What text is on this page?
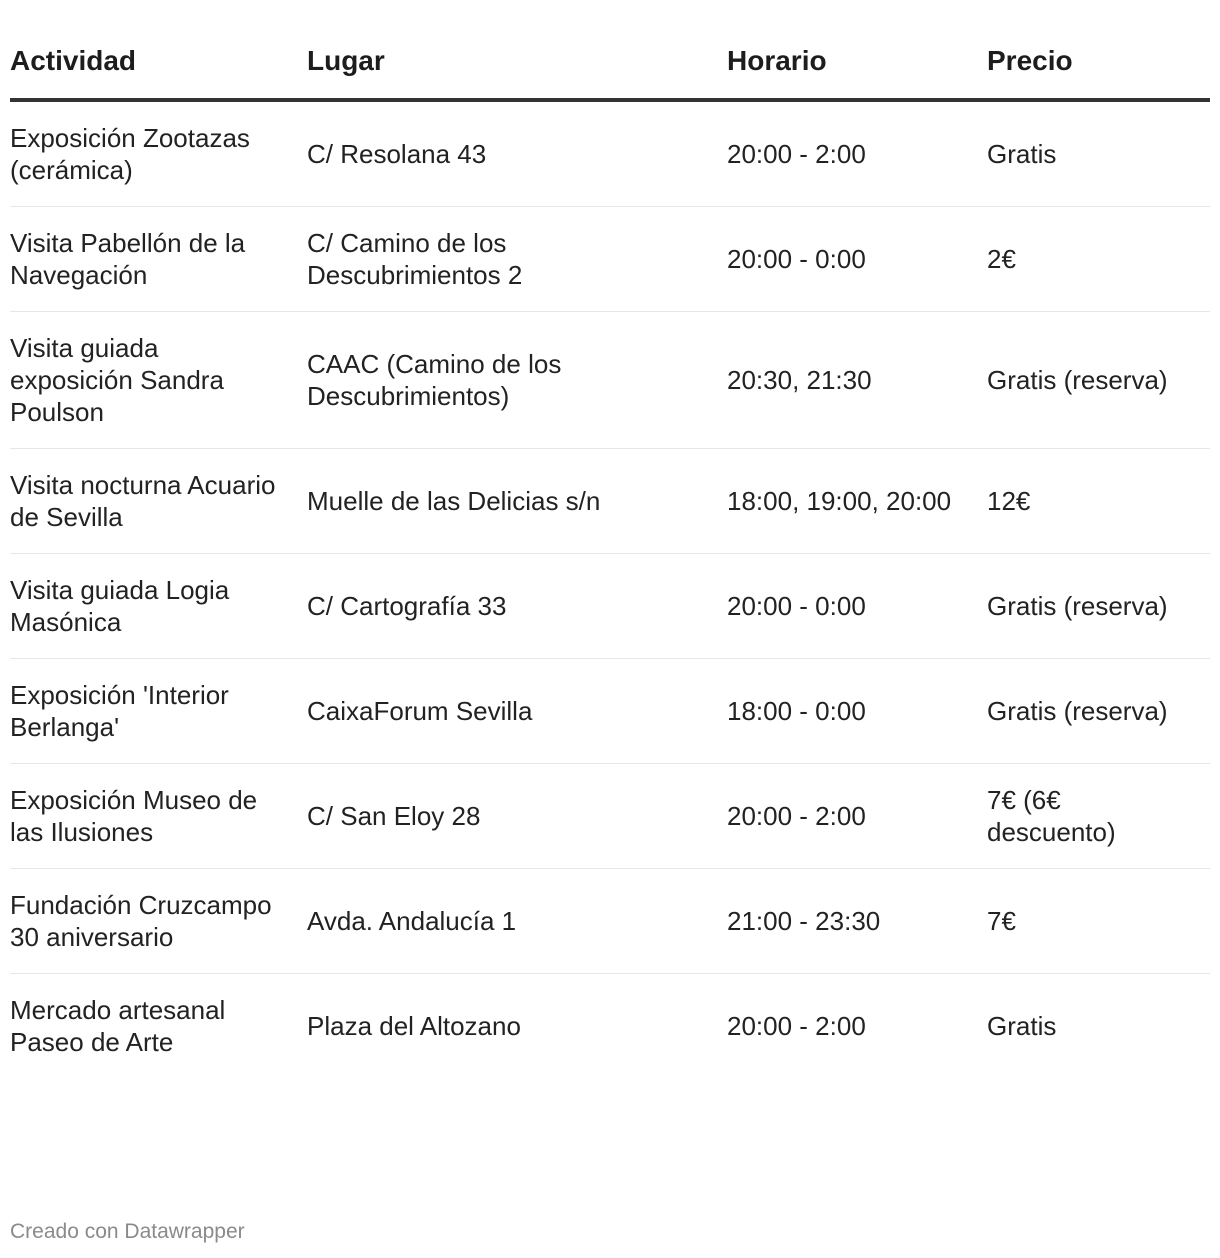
Actividad	Lugar	Horario	Precio
Exposición Zootazas (cerámica)	C/ Resolana 43	20:00 - 2:00	Gratis
Visita Pabellón de la Navegación	C/ Camino de los Descubrimientos 2	20:00 - 0:00	2€
Visita guiada exposición Sandra Poulson	CAAC (Camino de los Descubrimientos)	20:30, 21:30	Gratis (reserva)
Visita nocturna Acuario de Sevilla	Muelle de las Delicias s/n	18:00, 19:00, 20:00	12€
Visita guiada Logia Masónica	C/ Cartografía 33	20:00 - 0:00	Gratis (reserva)
Exposición 'Interior Berlanga'	CaixaForum Sevilla	18:00 - 0:00	Gratis (reserva)
Exposición Museo de las Ilusiones	C/ San Eloy 28	20:00 - 2:00	7€ (6€ descuento)
Fundación Cruzcampo 30 aniversario	Avda. Andalucía 1	21:00 - 23:30	7€
Mercado artesanal Paseo de Arte	Plaza del Altozano	20:00 - 2:00	Gratis
Creado con Datawrapper
